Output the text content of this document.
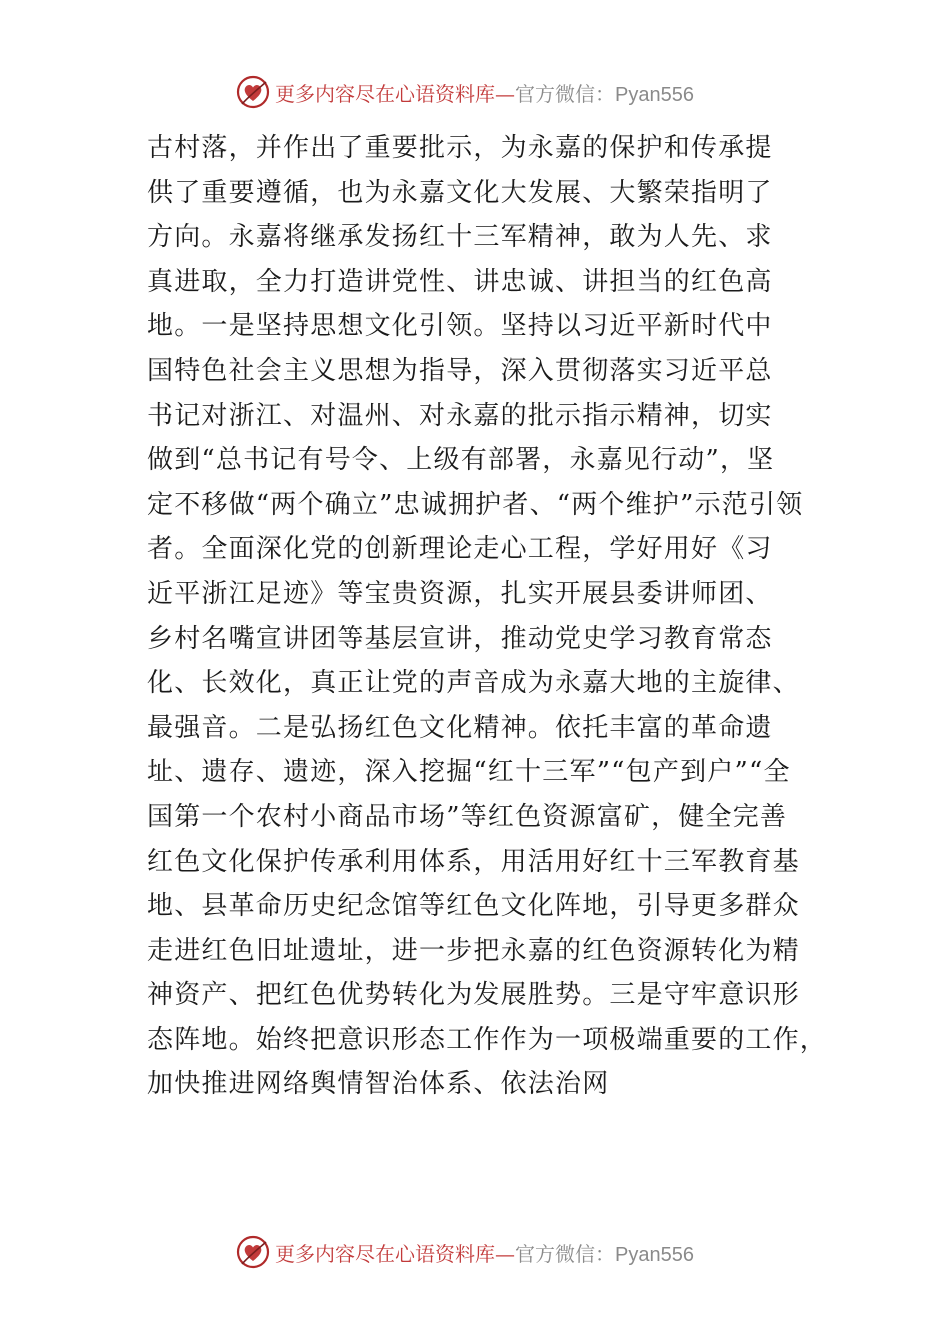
更多内容尽在心语资料库—官方微信：Pyan556
古村落，并作出了重要批示，为永嘉的保护和传承提
供了重要遵循，也为永嘉文化大发展、大繁荣指明了
方向。永嘉将继承发扬红十三军精神，敢为人先、求
真进取，全力打造讲党性、讲忠诚、讲担当的红色高
地。一是坚持思想文化引领。坚持以习近平新时代中
国特色社会主义思想为指导，深入贯彻落实习近平总
书记对浙江、对温州、对永嘉的批示指示精神，切实
做到“总书记有号令、上级有部署，永嘉见行动”，坚
定不移做“两个确立”忠诚拥护者、“两个维护”示范引领
者。全面深化党的创新理论走心工程，学好用好《习
近平浙江足迹》等宝贵资源，扎实开展县委讲师团、
乡村名嘴宣讲团等基层宣讲，推动党史学习教育常态
化、长效化，真正让党的声音成为永嘉大地的主旋律、
最强音。二是弘扬红色文化精神。依托丰富的革命遗
址、遗存、遗迹，深入挖掘“红十三军”“包产到户”“全
国第一个农村小商品市场”等红色资源富矿，健全完善
红色文化保护传承利用体系，用活用好红十三军教育基
地、县革命历史纪念馆等红色文化阵地，引导更多群众
走进红色旧址遗址，进一步把永嘉的红色资源转化为精
神资产、把红色优势转化为发展胜势。三是守牢意识形
态阵地。始终把意识形态工作作为一项极端重要的工作，
加快推进网络舆情智治体系、依法治网
更多内容尽在心语资料库—官方微信：Pyan556
